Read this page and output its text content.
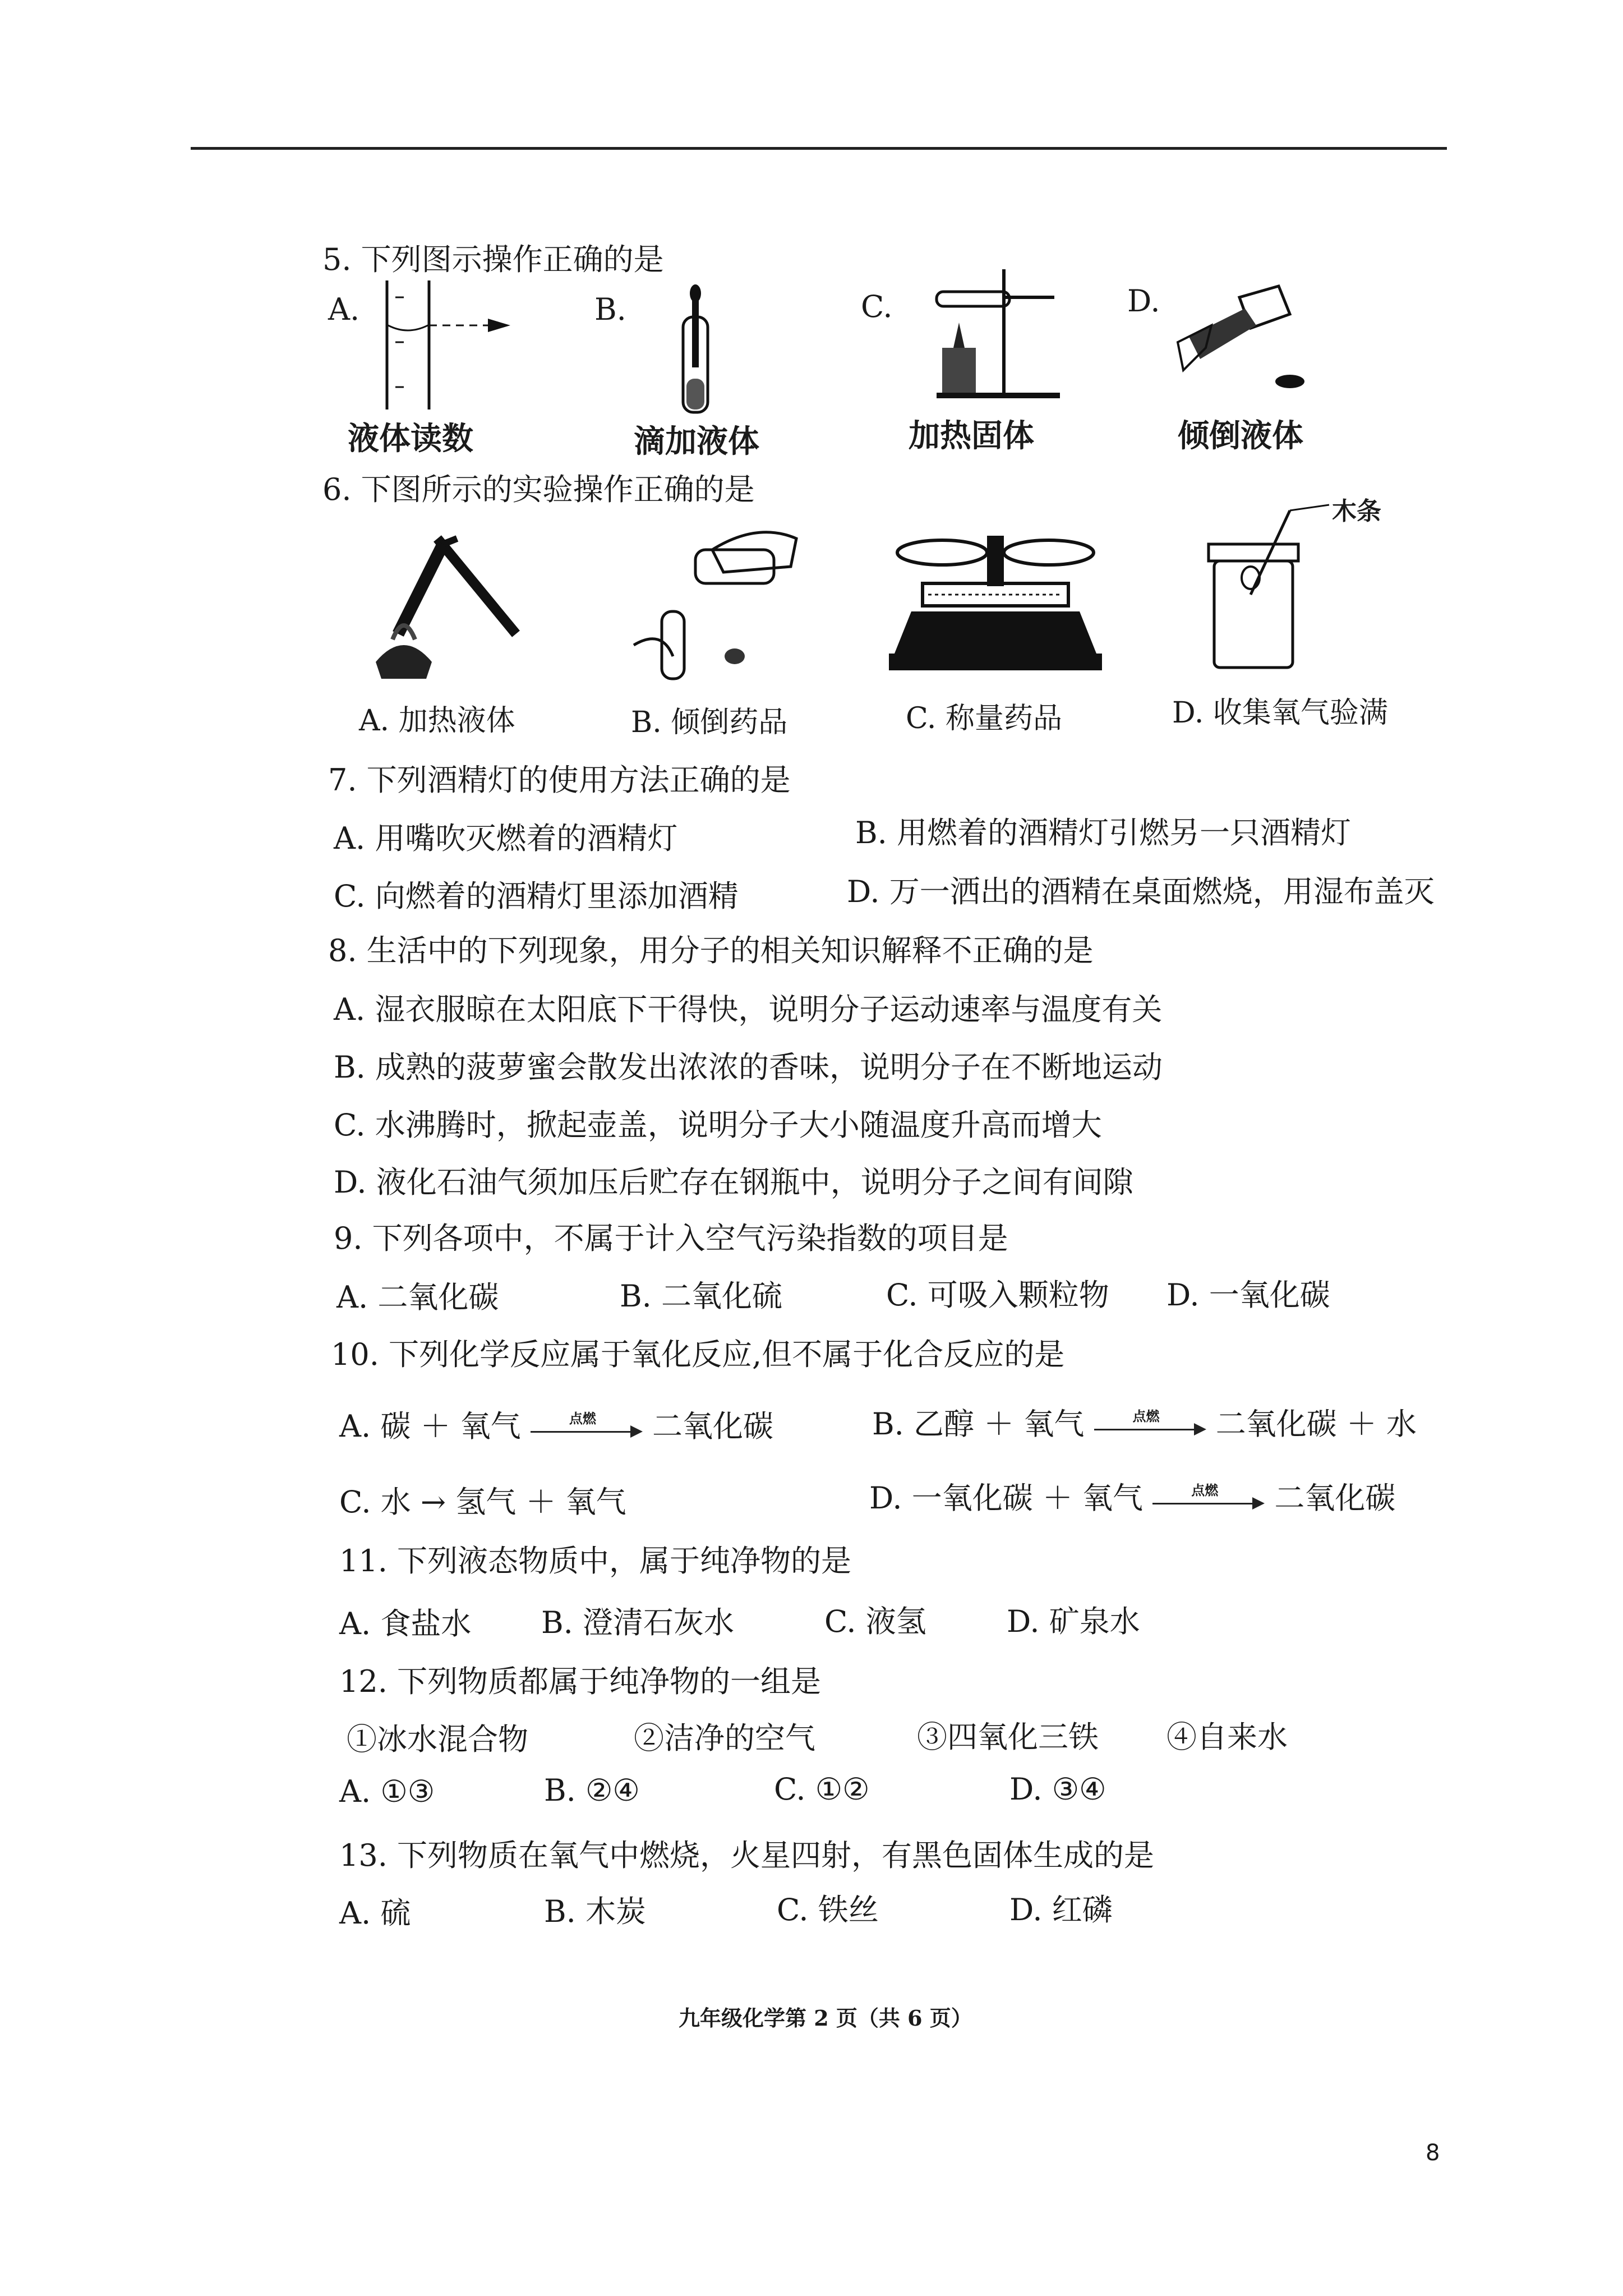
5. 下列图示操作正确的是
A.	B.	C.	D.
液体读数	滴加液体	加热固体	倾倒液体
6. 下图所示的实验操作正确的是
木条
A. 加热液体	B. 倾倒药品	C. 称量药品	D. 收集氧气验满
7. 下列酒精灯的使用方法正确的是
A. 用嘴吹灭燃着的酒精灯	B. 用燃着的酒精灯引燃另一只酒精灯
C. 向燃着的酒精灯里添加酒精	D. 万一洒出的酒精在桌面燃烧，用湿布盖灭
8. 生活中的下列现象，用分子的相关知识解释不正确的是
A. 湿衣服晾在太阳底下干得快，说明分子运动速率与温度有关
B. 成熟的菠萝蜜会散发出浓浓的香味，说明分子在不断地运动
C. 水沸腾时，掀起壶盖，说明分子大小随温度升高而增大
D. 液化石油气须加压后贮存在钢瓶中，说明分子之间有间隙
9. 下列各项中，不属于计入空气污染指数的项目是
A. 二氧化碳	B. 二氧化硫	C. 可吸入颗粒物 D. 一氧化碳
10. 下列化学反应属于氧化反应,但不属于化合反应的是
A. 碳 ＋ 氧气	点燃	二氧化碳	B. 乙醇 ＋ 氧气	点燃	二氧化碳 ＋ 水
C. 水 → 氢气 ＋ 氧气	D. 一氧化碳 ＋ 氧气	点燃	二氧化碳
11. 下列液态物质中，属于纯净物的是
A. 食盐水 B. 澄清石灰水	C. 液氢	D. 矿泉水
12. 下列物质都属于纯净物的一组是
①冰水混合物	②洁净的空气	③四氧化三铁 ④自来水
A. ①③	B. ②④	C. ①②	D. ③④
13. 下列物质在氧气中燃烧，火星四射，有黑色固体生成的是
A. 硫	B. 木炭	C. 铁丝	D. 红磷
九年级化学第 2 页（共 6 页）
8
